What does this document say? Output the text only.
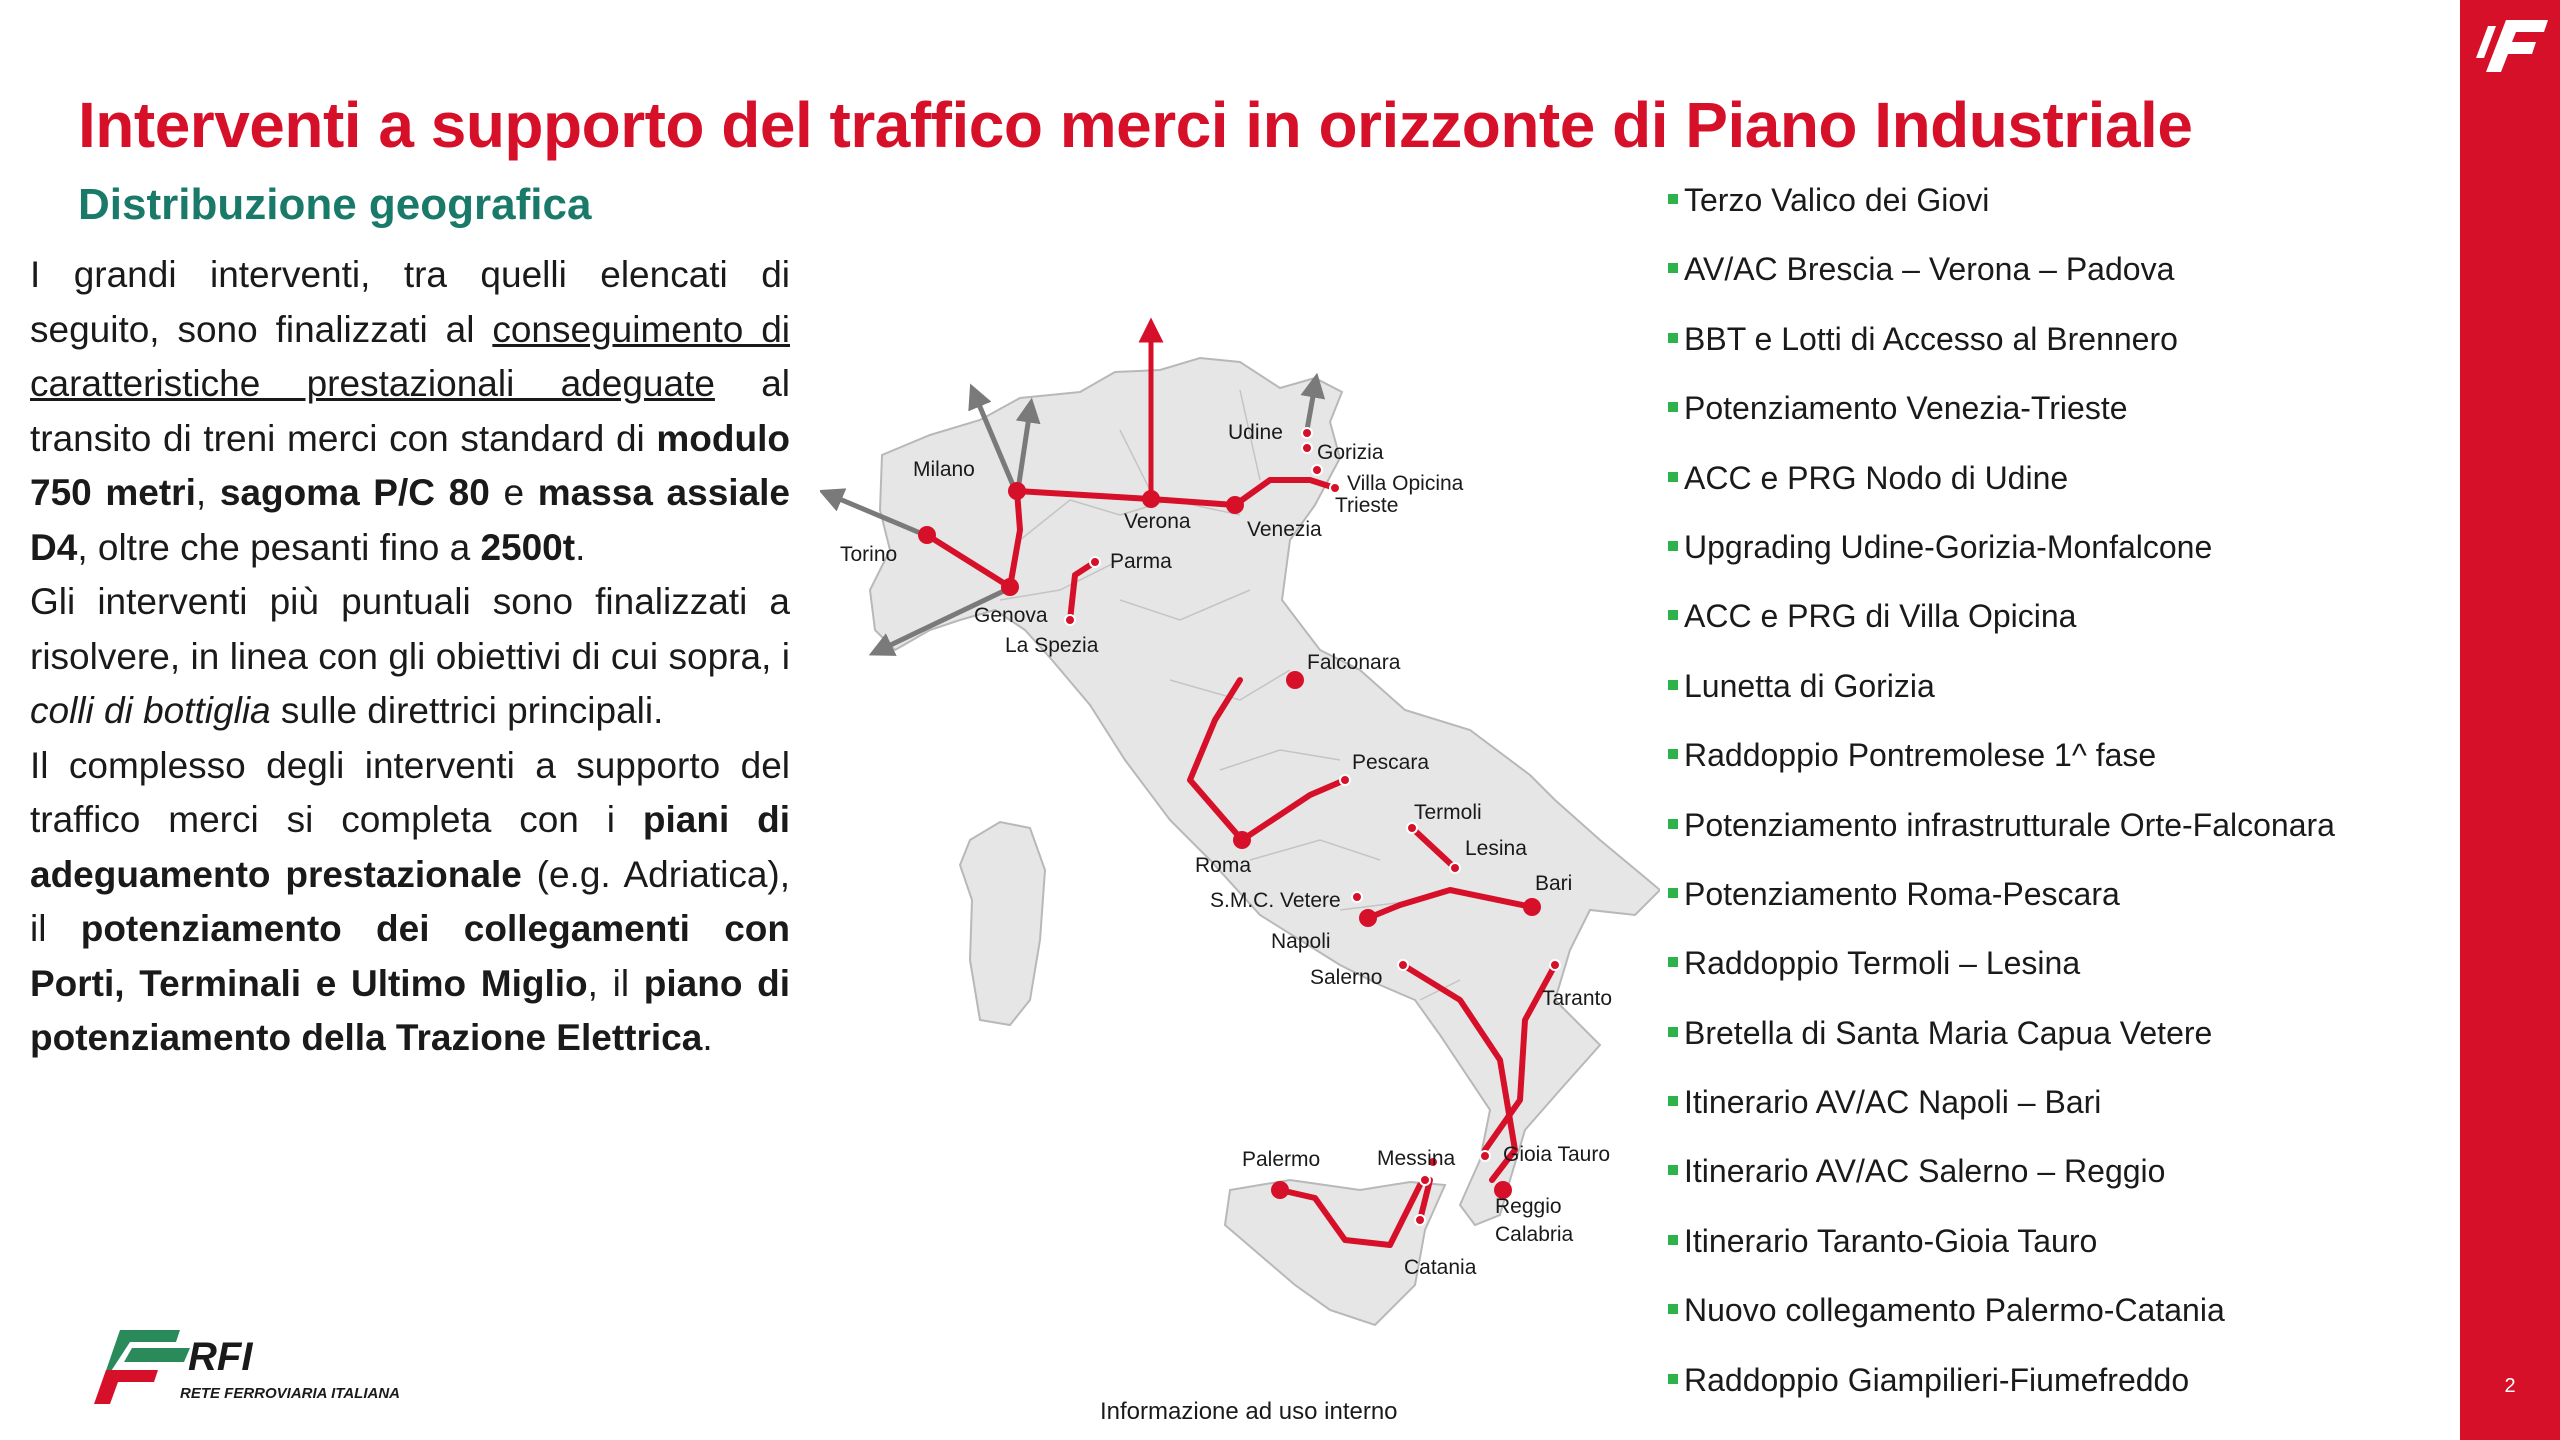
2
Interventi a supporto del traffico merci in orizzonte di Piano Industriale
Distribuzione geografica

I grandi interventi, tra quelli elencati di seguito, sono finalizzati al conseguimento di caratteristiche prestazionali adeguate al transito di treni merci con standard di modulo 750 metri, sagoma P/C 80 e massa assiale D4, oltre che pesanti fino a 2500t.

Gli interventi più puntuali sono finalizzati a risolvere, in linea con gli obiettivi di cui sopra, i colli di bottiglia sulle direttrici principali.

Il complesso degli interventi a supporto del traffico merci si completa con i piani di adeguamento prestazionale (e.g. Adriatica), il potenziamento dei collegamenti con Porti, Terminali e Ultimo Miglio, il piano di potenziamento della Trazione Elettrica.

Udine
Gorizia
Villa Opicina
Trieste
Milano
Verona	Venezia
Torino	Parma
Genova
La Spezia
Falconara
Pescara
Termoli
Lesina
Roma
S.M.C. Vetere
Bari
Napoli
Salerno
Taranto
Palermo	Messina Gioia Tauro
Reggio
Calabria
Catania
Terzo Valico dei Giovi
AV/AC Brescia – Verona – Padova
BBT e Lotti di Accesso al Brennero
Potenziamento Venezia-Trieste
ACC e PRG Nodo di Udine
Upgrading Udine-Gorizia-Monfalcone
ACC e PRG di Villa Opicina
Lunetta di Gorizia
Raddoppio Pontremolese 1^ fase
Potenziamento infrastrutturale Orte-Falconara
Potenziamento Roma-Pescara
Raddoppio Termoli – Lesina
Bretella di Santa Maria Capua Vetere
Itinerario AV/AC Napoli – Bari
Itinerario AV/AC Salerno – Reggio
Itinerario Taranto-Gioia Tauro
Nuovo collegamento Palermo-Catania
Raddoppio Giampilieri-Fiumefreddo
RFI
RETE FERROVIARIA ITALIANA
Informazione ad uso interno
